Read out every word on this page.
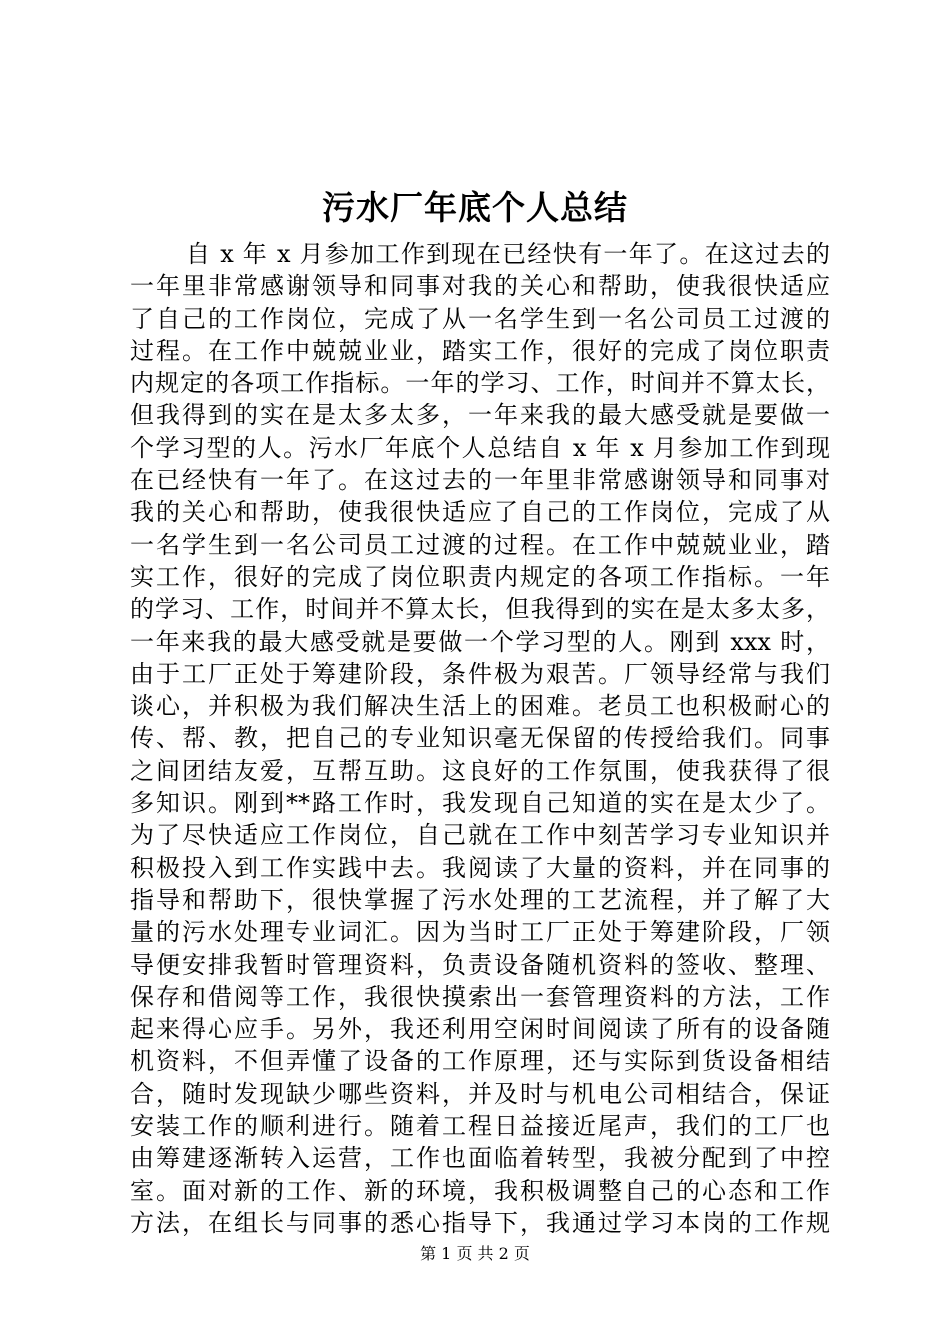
污水厂年底个人总结
自 x 年 x 月参加工作到现在已经快有一年了。在这过去的
一年里非常感谢领导和同事对我的关心和帮助，使我很快适应
了自己的工作岗位，完成了从一名学生到一名公司员工过渡的
过程。在工作中兢兢业业，踏实工作，很好的完成了岗位职责
内规定的各项工作指标。一年的学习、工作，时间并不算太长，
但我得到的实在是太多太多，一年来我的最大感受就是要做一
个学习型的人。污水厂年底个人总结自 x 年 x 月参加工作到现
在已经快有一年了。在这过去的一年里非常感谢领导和同事对
我的关心和帮助，使我很快适应了自己的工作岗位，完成了从
一名学生到一名公司员工过渡的过程。在工作中兢兢业业，踏
实工作，很好的完成了岗位职责内规定的各项工作指标。一年
的学习、工作，时间并不算太长，但我得到的实在是太多太多，
一年来我的最大感受就是要做一个学习型的人。刚到 xxx 时，
由于工厂正处于筹建阶段，条件极为艰苦。厂领导经常与我们
谈心，并积极为我们解决生活上的困难。老员工也积极耐心的
传、帮、教，把自己的专业知识毫无保留的传授给我们。同事
之间团结友爱，互帮互助。这良好的工作氛围，使我获得了很
多知识。刚到**路工作时，我发现自己知道的实在是太少了。
为了尽快适应工作岗位，自己就在工作中刻苦学习专业知识并
积极投入到工作实践中去。我阅读了大量的资料，并在同事的
指导和帮助下，很快掌握了污水处理的工艺流程，并了解了大
量的污水处理专业词汇。因为当时工厂正处于筹建阶段，厂领
导便安排我暂时管理资料，负责设备随机资料的签收、整理、
保存和借阅等工作，我很快摸索出一套管理资料的方法，工作
起来得心应手。另外，我还利用空闲时间阅读了所有的设备随
机资料，不但弄懂了设备的工作原理，还与实际到货设备相结
合，随时发现缺少哪些资料，并及时与机电公司相结合，保证
安装工作的顺利进行。随着工程日益接近尾声，我们的工厂也
由筹建逐渐转入运营，工作也面临着转型，我被分配到了中控
室。面对新的工作、新的环境，我积极调整自己的心态和工作
方法，在组长与同事的悉心指导下，我通过学习本岗的工作规
第 1 页 共 2 页
